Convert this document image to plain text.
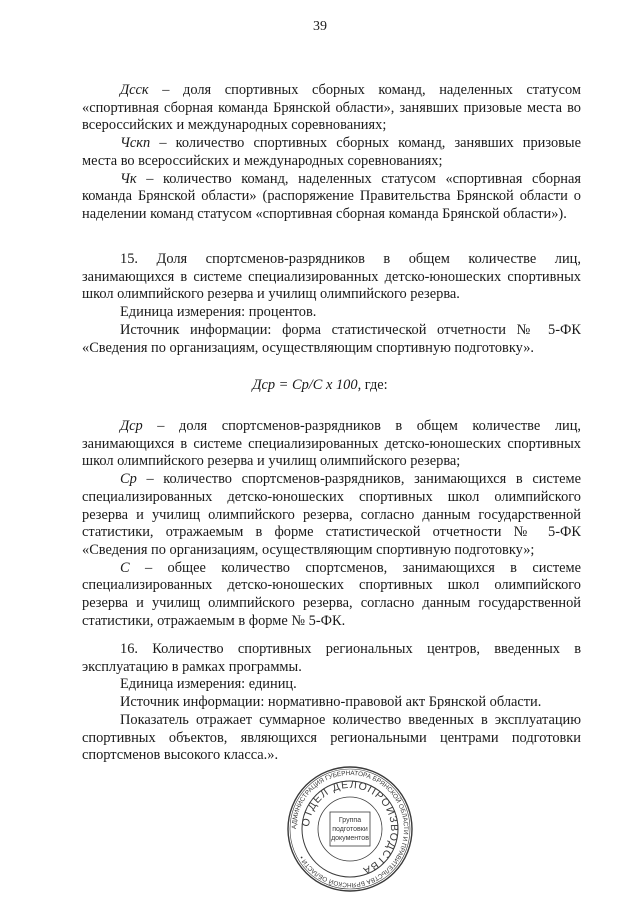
39

Дсск – доля спортивных сборных команд, наделенных статусом «спортивная сборная команда Брянской области», занявших призовые места во всероссийских и международных соревнованиях;

Чскп – количество спортивных сборных команд, занявших призовые места во всероссийских и международных соревнованиях;

Чк – количество команд, наделенных статусом «спортивная сборная команда Брянской области» (распоряжение Правительства Брянской области о наделении команд статусом «спортивная сборная команда Брянской области»).

15. Доля спортсменов-разрядников в общем количестве лиц, занимающихся в системе специализированных детско-юношеских спортивных школ олимпийского резерва и училищ олимпийского резерва.

Единица измерения: процентов.

Источник информации: форма статистической отчетности № 5-ФК «Сведения по организациям, осуществляющим спортивную подготовку».

Дср = Ср/С х 100, где:

Дср – доля спортсменов-разрядников в общем количестве лиц, занимающихся в системе специализированных детско-юношеских спортивных школ олимпийского резерва и училищ олимпийского резерва;

Ср – количество спортсменов-разрядников, занимающихся в системе специализированных детско-юношеских спортивных школ олимпийского резерва и училищ олимпийского резерва, согласно данным государственной статистики, отражаемым в форме статистической отчетности № 5-ФК «Сведения по организациям, осуществляющим спортивную подготовку»;

С – общее количество спортсменов, занимающихся в системе специализированных детско-юношеских спортивных школ олимпийского резерва и училищ олимпийского резерва, согласно данным государственной статистики, отражаемым в форме № 5-ФК.

16. Количество спортивных региональных центров, введенных в эксплуатацию в рамках программы.

Единица измерения: единиц.

Источник информации: нормативно-правовой акт Брянской области.

Показатель отражает суммарное количество введенных в эксплуатацию спортивных объектов, являющихся региональными центрами подготовки спортсменов высокого класса.».

АДМИНИСТРАЦИЯ ГУБЕРНАТОРА БРЯНСКОЙ ОБЛАСТИ И ПРАВИТЕЛЬСТВА БРЯНСКОЙ ОБЛАСТИ •
ОТДЕЛ ДЕЛОПРОИЗВОДСТВА
Группа
подготовки
документов
